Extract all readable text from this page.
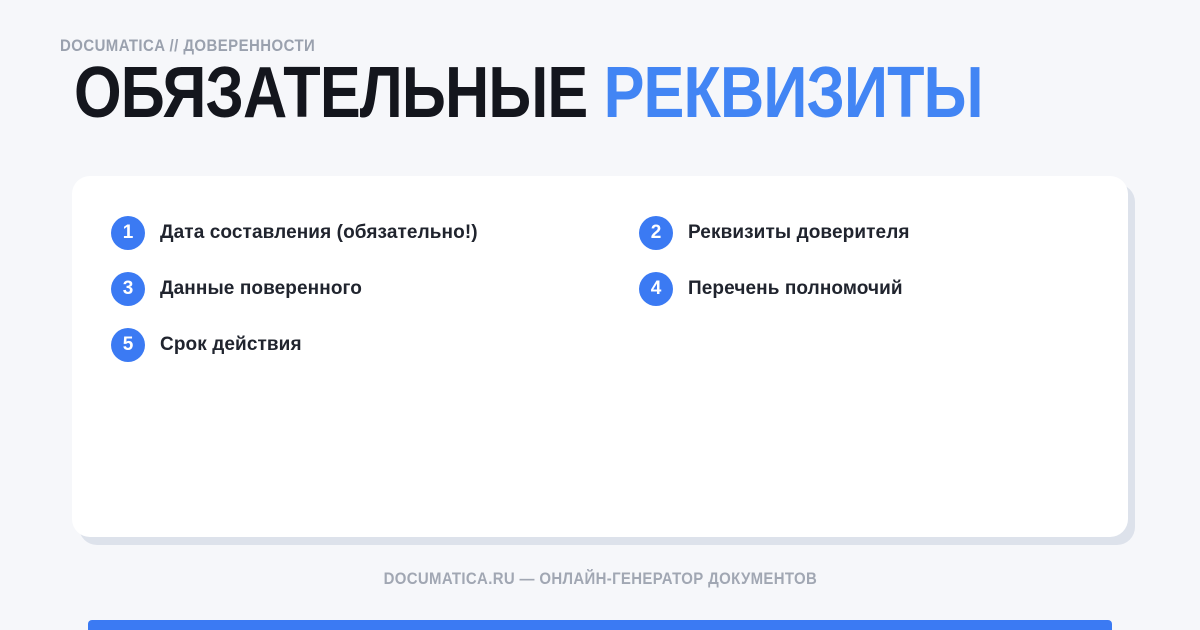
DOCUMATICA // ДОВЕРЕННОСТИ
ОБЯЗАТЕЛЬНЫЕ РЕКВИЗИТЫ
1	Дата составления (обязательно!)	2	Реквизиты доверителя
3	Данные поверенного	4	Перечень полномочий
5	Срок действия
DOCUMATICA.RU — ОНЛАЙН-ГЕНЕРАТОР ДОКУМЕНТОВ
